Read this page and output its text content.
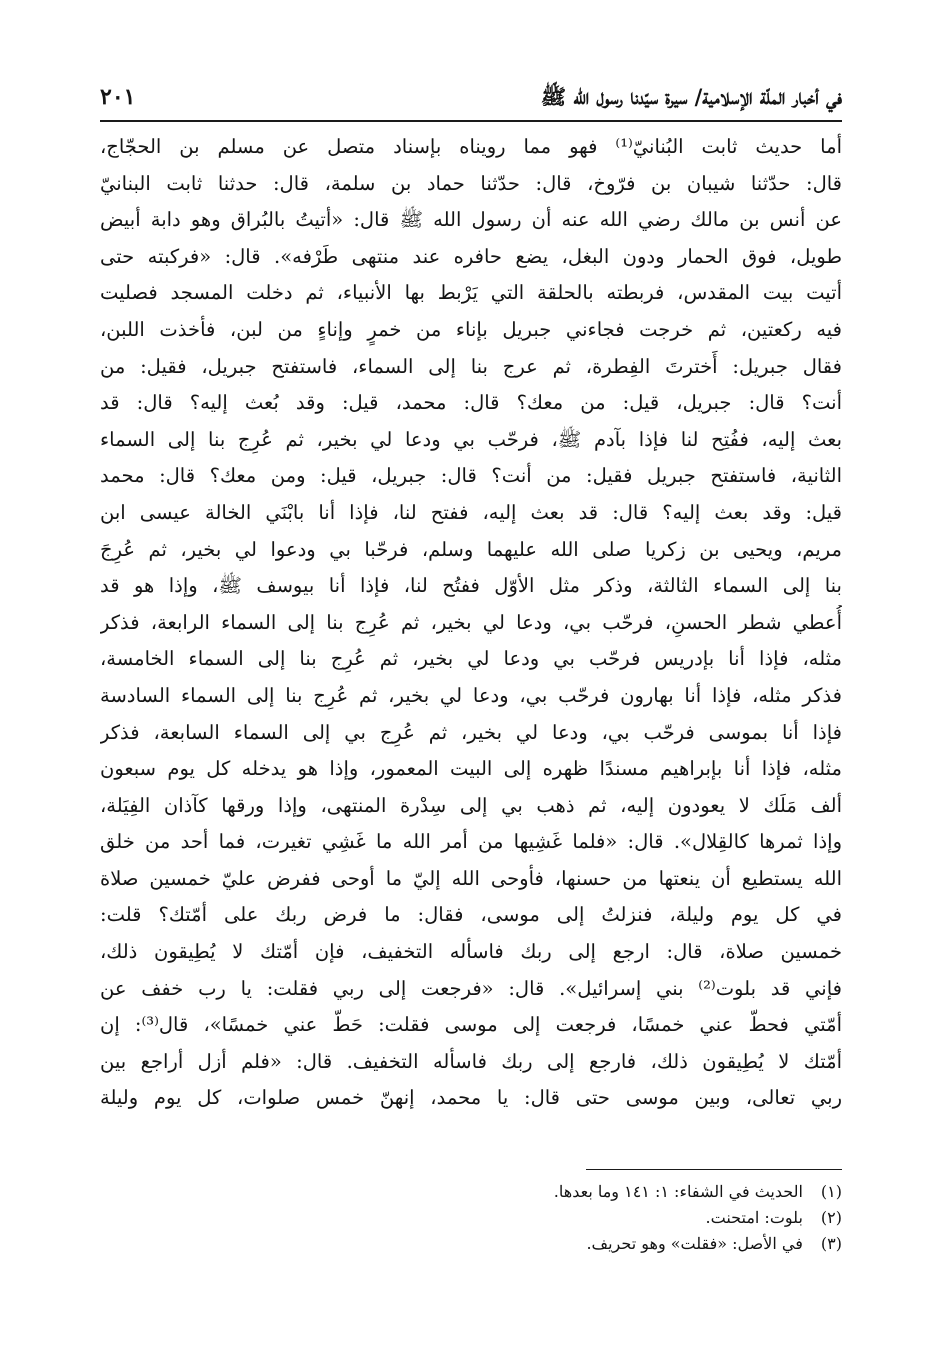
في أخبار الملّة الإسلامية/ سيرة سيّدنا رسول الله ﷺ
٢٠١
أما حديث ثابت البُنانيّ⁽¹⁾ فهو مما رويناه بإسناد متصل عن مسلم بن الحجّاج،
قال: حدّثنا شيبان بن فرّوخ، قال: حدّثنا حماد بن سلمة، قال: حدثنا ثابت البنانيّ
عن أنس بن مالك رضي الله عنه أن رسول الله ﷺ قال: «أتيتُ بالبُراق وهو دابة أبيض
طويل، فوق الحمار ودون البغل، يضع حافره عند منتهى طَرْفه». قال: «فركبته حتى
أتيت بيت المقدس، فربطته بالحلقة التي يَرْبط بها الأنبياء، ثم دخلت المسجد فصليت
فيه ركعتين، ثم خرجت فجاءني جبريل بإناء من خمرٍ وإناءٍ من لبن، فأخذت اللبن،
فقال جبريل: أَخترتَ الفِطرة، ثم عرج بنا إلى السماء، فاستفتح جبريل، فقيل: من
أنت؟ قال: جبريل، قيل: من معك؟ قال: محمد، قيل: وقد بُعث إليه؟ قال: قد
بعث إليه، ففُتِح لنا فإذا بآدم ﷺ، فرحّب بي ودعا لي بخير، ثم عُرِج بنا إلى السماء
الثانية، فاستفتح جبريل فقيل: من أنت؟ قال: جبريل، قيل: ومن معك؟ قال: محمد
قيل: وقد بعث إليه؟ قال: قد بعث إليه، ففتح لنا، فإذا أنا بابْنَي الخالة عيسى ابن
مريم، ويحيى بن زكريا صلى الله عليهما وسلم، فرحّبا بي ودعوا لي بخير، ثم عُرِجَ
بنا إلى السماء الثالثة، وذكر مثل الأوّل ففتُح لنا، فإذا أنا بيوسف ﷺ، وإذا هو قد
أُعطي شطر الحسنِ، فرحّب بي، ودعا لي بخير، ثم عُرِج بنا إلى السماء الرابعة، فذكر
مثله، فإذا أنا بإدريس فرحّب بي ودعا لي بخير، ثم عُرِج بنا إلى السماء الخامسة،
فذكر مثله، فإذا أنا بهارون فرحّب بي، ودعا لي بخير، ثم عُرِج بنا إلى السماء السادسة
فإذا أنا بموسى فرحّب بي، ودعا لي بخير، ثم عُرِج بي إلى السماء السابعة، فذكر
مثله، فإذا أنا بإبراهيم مسندًا ظهره إلى البيت المعمور، وإذا هو يدخله كل يوم سبعون
ألف مَلَك لا يعودون إليه، ثم ذهب بي إلى سِدْرة المنتهى، وإذا ورقها كآذان الفِيَلة،
وإذا ثمرها كالقِلال». قال: «فلما غَشِيها من أمر الله ما غَشِي تغيرت، فما أحد من خلق
الله يستطيع أن ينعتها من حسنها، فأوحى الله إليّ ما أوحى ففرض عليّ خمسين صلاة
في كل يوم وليلة، فنزلتُ إلى موسى، فقال: ما فرض ربك على أمّتك؟ قلت:
خمسين صلاة، قال: ارجع إلى ربك فاسأله التخفيف، فإن أمّتك لا يُطِيقون ذلك،
فإني قد بلوت⁽²⁾ بني إسرائيل». قال: «فرجعت إلى ربي فقلت: يا رب خفف عن
أمّتي فحطّ عني خمسًا، فرجعت إلى موسى فقلت: حَطّ عني خمسًا»، قال⁽³⁾: إن
أمّتك لا يُطِيقون ذلك، فارجع إلى ربك فاسأله التخفيف. قال: «فلم أزل أراجع بين
ربي تعالى، وبين موسى حتى قال: يا محمد، إنهنّ خمس صلوات، كل يوم وليلة
(١) الحديث في الشفاء: ١: ١٤١ وما بعدها.
(٢) بلوت: امتحنت.
(٣) في الأصل: «فقلت» وهو تحريف.
